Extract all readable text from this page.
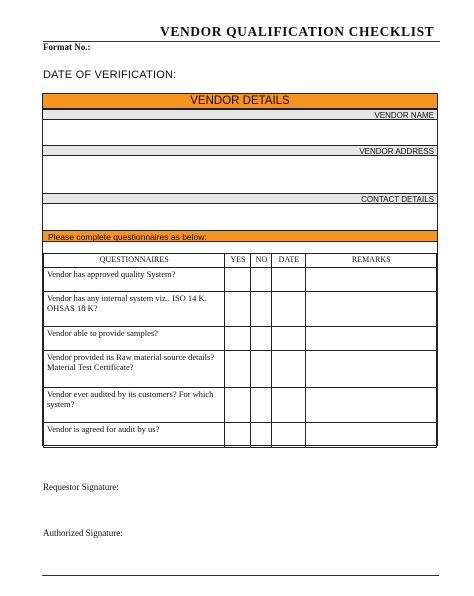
VENDOR QUALIFICATION CHECKLIST
Format No.:
DATE OF VERIFICATION:
VENDOR DETAILS
VENDOR NAME
VENDOR ADDRESS
CONTACT DETAILS
Please complete questionnaires as below:
QUESTIONNAIRES	YES	NO	DATE	REMARKS
Vendor has approved quality System?				
Vendor has any internal system viz.. ISO 14 K. OHSAS 18 K?				
Vendor able to provide samples?				
Vendor provided its Raw material source details? Material Test Certificate?				
Vendor ever audited by its customers? For which system?				
Vendor is agreed for audit by us?				
Requestor Signature:
Authorized Signature:
